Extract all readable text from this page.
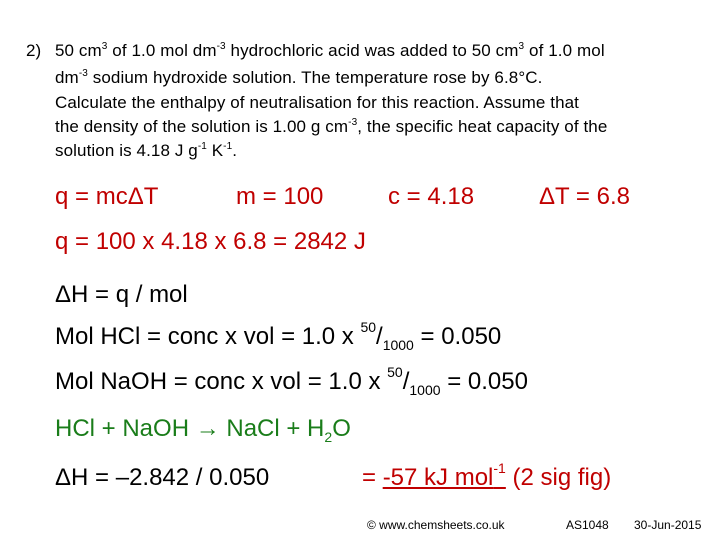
2) 50 $cm^3$ of 1.0 mol $dm^{-3}$ hydrochloric acid was added to 50 $cm^3$ of 1.0 mol
$dm^{-3}$ sodium hydroxide solution. The temperature rose by 6.8°C.
Calculate the enthalpy of neutralisation for this reaction. Assume that
the density of the solution is 1.00 g $cm^{-3}$, the specific heat capacity of the
solution is 4.18 J $g^{-1}$ $K^{-1}$.
q = mcΔT	m = 100	c = 4.18	ΔT = 6.8
q = 100 x 4.18 x 6.8 = 2842 J
ΔH = q / mol
Mol HCl = conc x vol = 1.0 x $^{50}/_{1000} = 0.050$
Mol NaOH = conc x vol = 1.0 x $^{50}/_{1000} = 0.050$
HCl + NaOH → NaCl + $H_2O$
ΔH = –2.842 / 0.050	= -57 kJ mol$^{-1}$ (2 sig fig)
© www.chemsheets.co.uk	AS1048 30-Jun-2015
